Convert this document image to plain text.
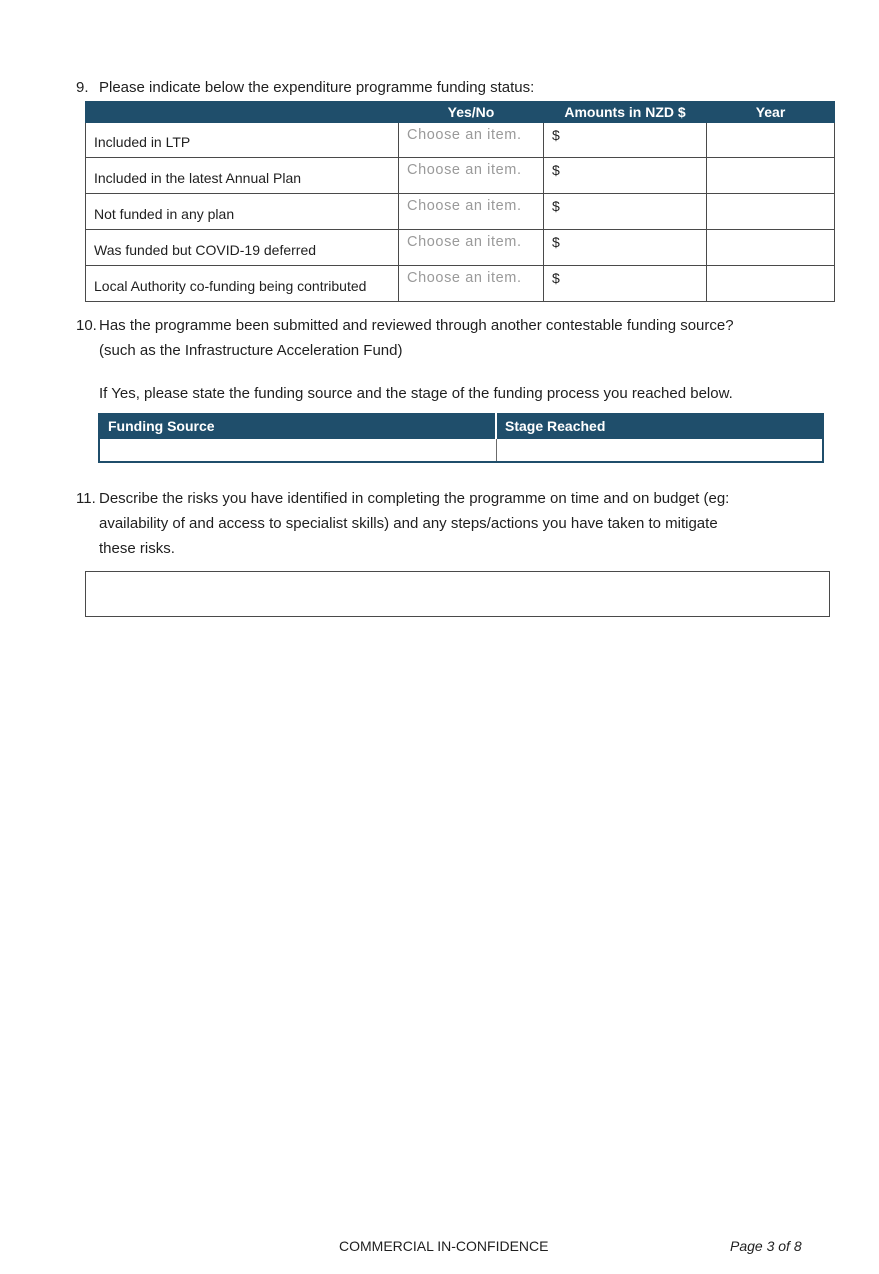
9. Please indicate below the expenditure programme funding status:
	Yes/No	Amounts in NZD $	Year
Included in LTP	Choose an item.	$	
Included in the latest Annual Plan	Choose an item.	$	
Not funded in any plan	Choose an item.	$	
Was funded but COVID-19 deferred	Choose an item.	$	
Local Authority co-funding being contributed	Choose an item.	$	
10. Has the programme been submitted and reviewed through another contestable funding source?
(such as the Infrastructure Acceleration Fund)
If Yes, please state the funding source and the stage of the funding process you reached below.
Funding Source	Stage Reached

11. Describe the risks you have identified in completing the programme on time and on budget (eg:
availability of and access to specialist skills) and any steps/actions you have taken to mitigate
these risks.
COMMERCIAL IN-CONFIDENCE	Page 3 of 8
